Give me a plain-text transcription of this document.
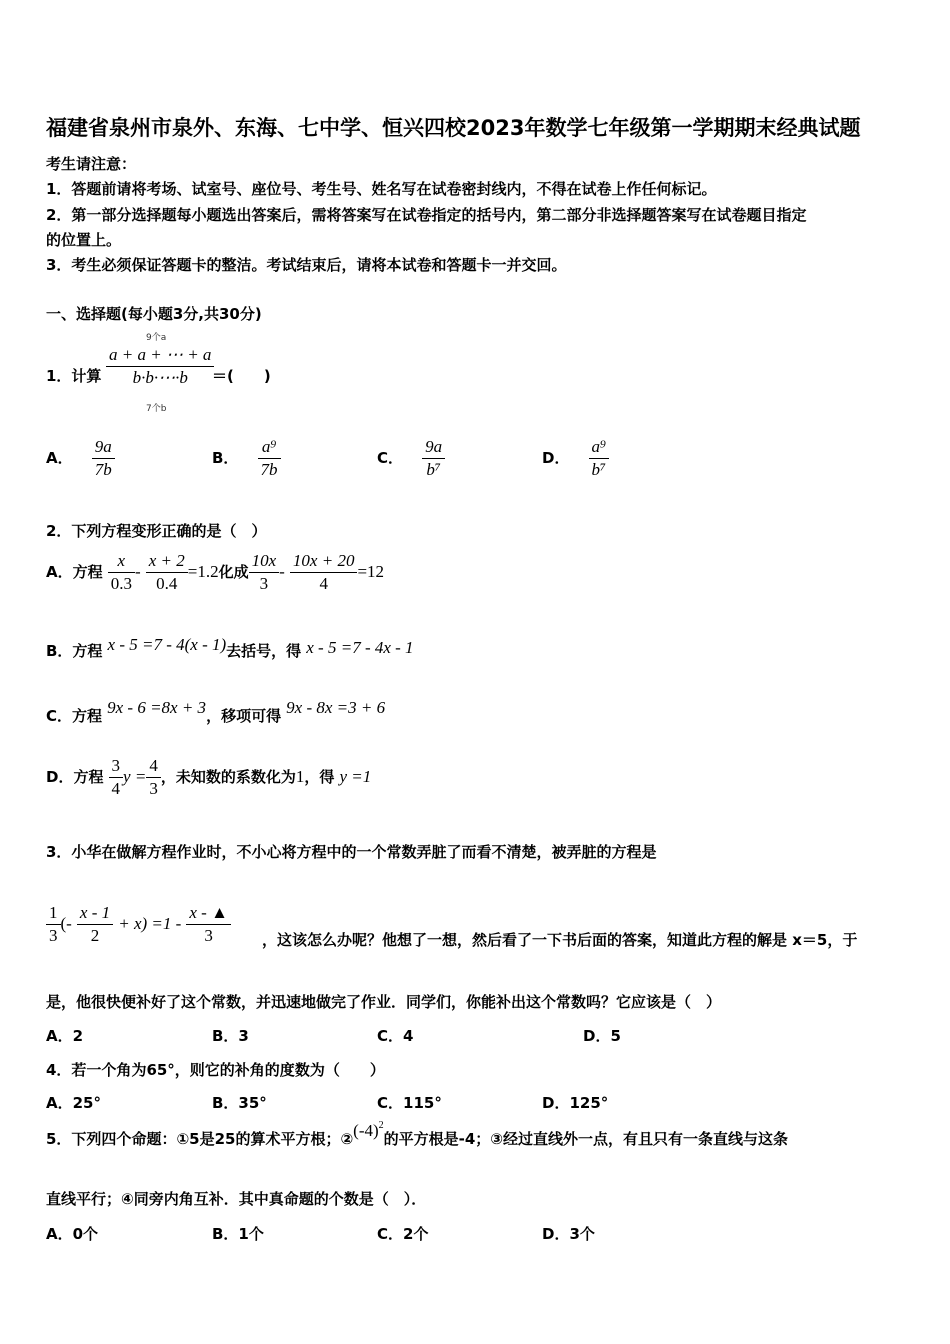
福建省泉州市泉外、东海、七中学、恒兴四校2023年数学七年级第一学期期末经典试题
考生请注意：
1．答题前请将考场、试室号、座位号、考生号、姓名写在试卷密封线内，不得在试卷上作任何标记。
2．第一部分选择题每小题选出答案后，需将答案写在试卷指定的括号内，第二部分非选择题答案写在试卷题目指定
的位置上。
3．考生必须保证答题卡的整洁。考试结束后，请将本试卷和答题卡一并交回。
一、选择题(每小题3分,共30分)
1．计算
9个a
$\frac{a + a + \cdots + a}{b\cdot b\cdot\cdots\cdot b}$
7个b
＝(　　)
A． $\frac{9a}{7b}$	B． $\frac{\text{a⁹}}{7b}$	C． $\frac{9a}{\text{b⁷}}$	D． $\frac{\text{a⁹}}{\text{b⁷}}$
2．下列方程变形正确的是（　）
A．方程 $\frac{x}{0.3} - \frac{x + 2}{0.4} =1.2$化成 $\frac{10x}{3} - \frac{10x + 20}{4} =12$
B．方程 x - 5 =7 - 4(x - 1)去括号，得 x - 5 =7 - 4x - 1
C．方程 9x - 6 =8x + 3，移项可得 9x - 8x =3 + 6
D．方程 $\frac{3}{4}$ $y = \frac{4}{3}$ ，未知数的系数化为1，得 y =1
3．小华在做解方程作业时，不小心将方程中的一个常数弄脏了而看不清楚，被弄脏的方程是
$\frac{1}{3}$ (- $\frac{x - 1}{2} + x) =1 - \frac{x - ▲}{3}$ ，这该怎么办呢？他想了一想，然后看了一下书后面的答案，知道此方程的解是 x＝5，于
是，他很快便补好了这个常数，并迅速地做完了作业．同学们，你能补出这个常数吗？它应该是（　）
A．2	B．3	C．4	D．5
4．若一个角为65°，则它的补角的度数为（　　）
A．25°	B．35°	C．115°	D．125°
5．下列四个命题：①5是25的算术平方根；$②(-4)^2$的平方根是-4；③经过直线外一点，有且只有一条直线与这条
直线平行；④同旁内角互补．其中真命题的个数是（　）．
A．0个	B．1个	C．2个	D．3个
